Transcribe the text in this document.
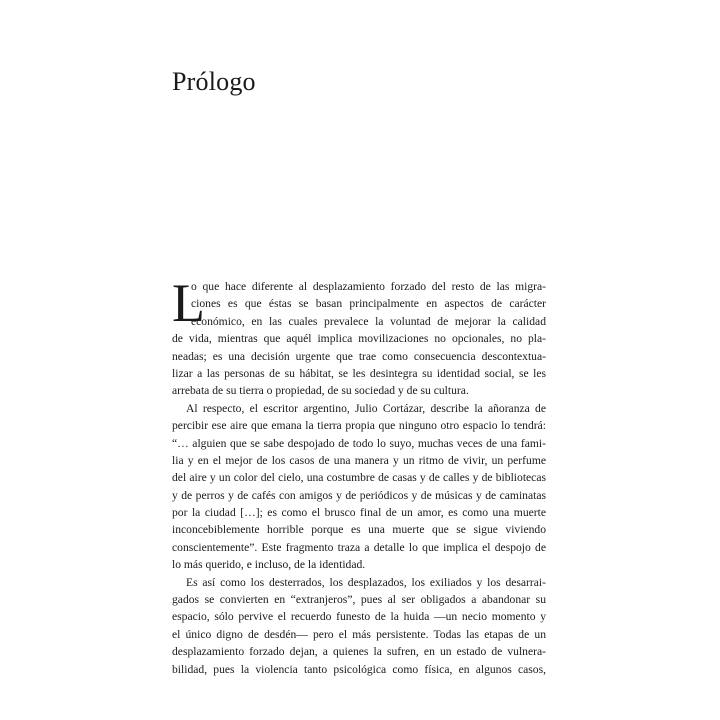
Prólogo
L
o que hace diferente al desplazamiento forzado del resto de las migra-
ciones es que éstas se basan principalmente en aspectos de carácter
económico, en las cuales prevalece la voluntad de mejorar la calidad
de vida, mientras que aquél implica movilizaciones no opcionales, no pla-
neadas; es una decisión urgente que trae como consecuencia descontextua-
lizar a las personas de su hábitat, se les desintegra su identidad social, se les
arrebata de su tierra o propiedad, de su sociedad y de su cultura.
Al respecto, el escritor argentino, Julio Cortázar, describe la añoranza de
percibir ese aire que emana la tierra propia que ninguno otro espacio lo tendrá:
“… alguien que se sabe despojado de todo lo suyo, muchas veces de una fami-
lia y en el mejor de los casos de una manera y un ritmo de vivir, un perfume
del aire y un color del cielo, una costumbre de casas y de calles y de bibliotecas
y de perros y de cafés con amigos y de periódicos y de músicas y de caminatas
por la ciudad […]; es como el brusco final de un amor, es como una muerte
inconcebiblemente horrible porque es una muerte que se sigue viviendo
conscientemente”. Este fragmento traza a detalle lo que implica el despojo de
lo más querido, e incluso, de la identidad.
Es así como los desterrados, los desplazados, los exiliados y los desarrai-
gados se convierten en “extranjeros”, pues al ser obligados a abandonar su
espacio, sólo pervive el recuerdo funesto de la huida —un necio momento y
el único digno de desdén— pero el más persistente. Todas las etapas de un
desplazamiento forzado dejan, a quienes la sufren, en un estado de vulnera-
bilidad, pues la violencia tanto psicológica como física, en algunos casos,
